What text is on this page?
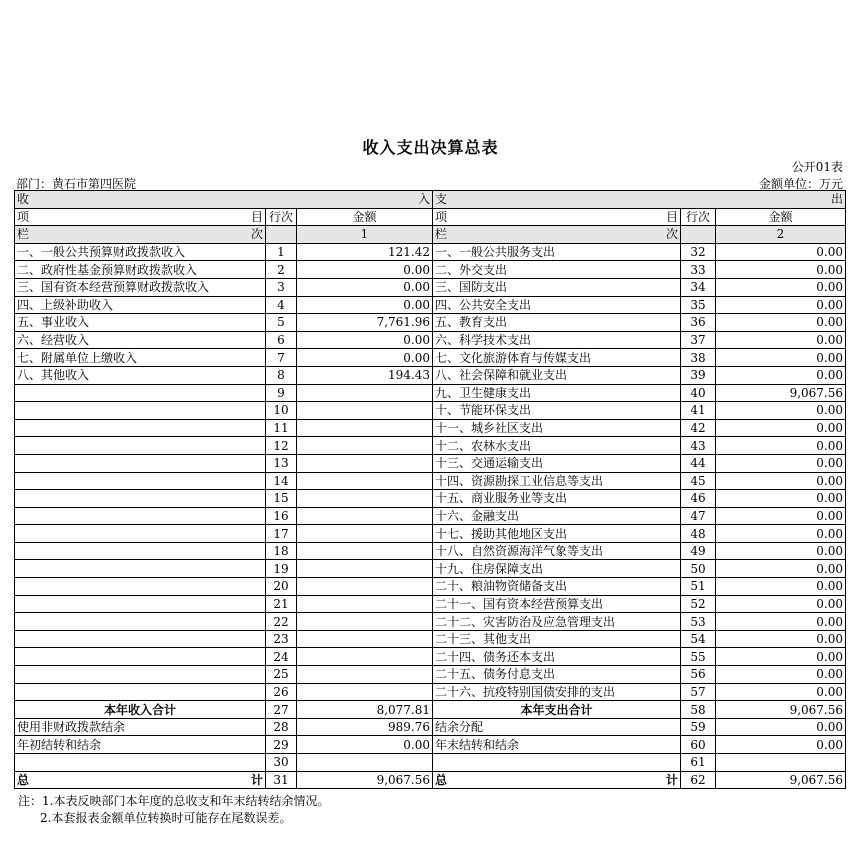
收入支出决算总表
公开01表
部门：黄石市第四医院	金额单位：万元
收 入			支 出		

项 目	行次	金额	项 目	行次	金额

栏 次		1	栏 次		2
一、一般公共预算财政拨款收入	1	121.42	一、一般公共服务支出	32	0.00
二、政府性基金预算财政拨款收入	2	0.00	二、外交支出	33	0.00
三、国有资本经营预算财政拨款收入	3	0.00	三、国防支出	34	0.00
四、上级补助收入	4	0.00	四、公共安全支出	35	0.00
五、事业收入	5	7,761.96	五、教育支出	36	0.00
六、经营收入	6	0.00	六、科学技术支出	37	0.00
七、附属单位上缴收入	7	0.00	七、文化旅游体育与传媒支出	38	0.00
八、其他收入	8	194.43	八、社会保障和就业支出	39	0.00
	9		九、卫生健康支出	40	9,067.56
	10		十、节能环保支出	41	0.00
	11		十一、城乡社区支出	42	0.00
	12		十二、农林水支出	43	0.00
	13		十三、交通运输支出	44	0.00
	14		十四、资源勘探工业信息等支出	45	0.00
	15		十五、商业服务业等支出	46	0.00
	16		十六、金融支出	47	0.00
	17		十七、援助其他地区支出	48	0.00
	18		十八、自然资源海洋气象等支出	49	0.00
	19		十九、住房保障支出	50	0.00
	20		二十、粮油物资储备支出	51	0.00
	21		二十一、国有资本经营预算支出	52	0.00
	22		二十二、灾害防治及应急管理支出	53	0.00
	23		二十三、其他支出	54	0.00
	24		二十四、债务还本支出	55	0.00
	25		二十五、债务付息支出	56	0.00
	26		二十六、抗疫特别国债安排的支出	57	0.00
本年收入合计	27	8,077.81	本年支出合计	58	9,067.56
使用非财政拨款结余	28	989.76	结余分配	59	0.00
年初结转和结余	29	0.00	年末结转和结余	60	0.00
	30			61	

总 计	31	9,067.56	总 计	62	9,067.56
注：1.本表反映部门本年度的总收支和年末结转结余情况。
2.本套报表金额单位转换时可能存在尾数误差。
